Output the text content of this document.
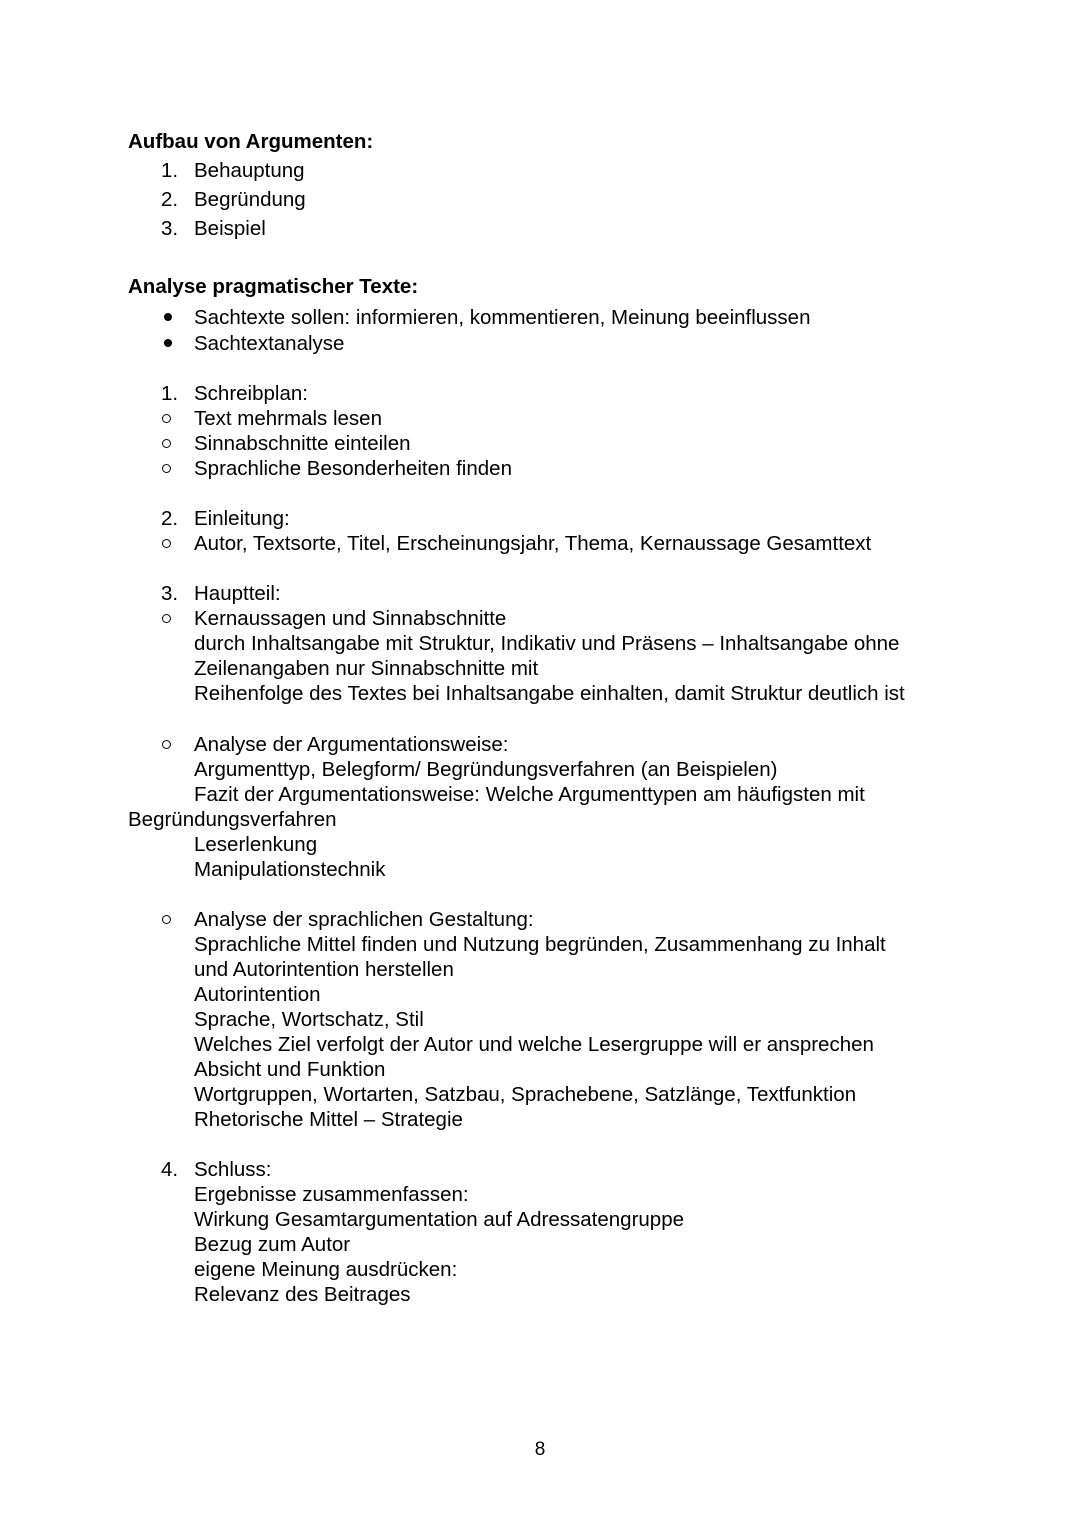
Aufbau von Argumenten:
1. Behauptung
2. Begründung
3. Beispiel
Analyse pragmatischer Texte:
Sachtexte sollen: informieren, kommentieren, Meinung beeinflussen
Sachtextanalyse
1. Schreibplan:
Text mehrmals lesen
Sinnabschnitte einteilen
Sprachliche Besonderheiten finden
2. Einleitung:
Autor, Textsorte, Titel, Erscheinungsjahr, Thema, Kernaussage Gesamttext
3. Hauptteil:
Kernaussagen und Sinnabschnitte
durch Inhaltsangabe mit Struktur, Indikativ und Präsens – Inhaltsangabe ohne
Zeilenangaben nur Sinnabschnitte mit
Reihenfolge des Textes bei Inhaltsangabe einhalten, damit Struktur deutlich ist
Analyse der Argumentationsweise:
Argumenttyp, Belegform/ Begründungsverfahren (an Beispielen)
Fazit der Argumentationsweise: Welche Argumenttypen am häufigsten mit
Begründungsverfahren
Leserlenkung
Manipulationstechnik
Analyse der sprachlichen Gestaltung:
Sprachliche Mittel finden und Nutzung begründen, Zusammenhang zu Inhalt
und Autorintention herstellen
Autorintention
Sprache, Wortschatz, Stil
Welches Ziel verfolgt der Autor und welche Lesergruppe will er ansprechen
Absicht und Funktion
Wortgruppen, Wortarten, Satzbau, Sprachebene, Satzlänge, Textfunktion
Rhetorische Mittel – Strategie
4. Schluss:
Ergebnisse zusammenfassen:
Wirkung Gesamtargumentation auf Adressatengruppe
Bezug zum Autor
eigene Meinung ausdrücken:
Relevanz des Beitrages
8
